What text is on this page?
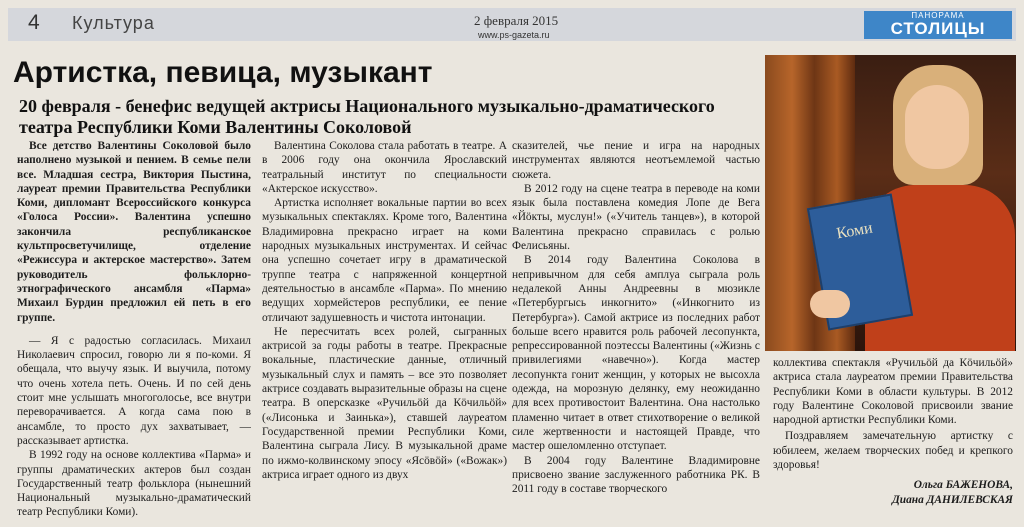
4 Культура	2 февраля 2015
www.ps-gazeta.ru
ПАНОРАМА
СТОЛИЦЫ
Артистка, певица, музыкант
20 февраля - бенефис ведущей актрисы Национального музыкально-драматического театра Республики Коми Валентины Соколовой

Все детство Валентины Соколовой было наполнено музыкой и пением. В семье пели все. Младшая сестра, Виктория Пыстина, лауреат премии Правительства Республики Коми, дипломант Всероссийского конкурса «Голоса России». Валентина успешно закончила республиканское культпросветучилище, отделение «Режиссура и актерское мастерство». Затем руководитель фольклорно-этнографического ансамбля «Парма» Михаил Бурдин предложил ей петь в его группе.

— Я с радостью согласилась. Михаил Николаевич спросил, говорю ли я по-коми. Я обещала, что выучу язык. И выучила, потому что очень хотела петь. Очень. И по сей день стоит мне услышать многоголосье, все внутри переворачивается. А когда сама пою в ансамбле, то просто дух захватывает, — рассказывает артистка.

В 1992 году на основе коллектива «Парма» и группы драматических актеров был создан Государственный театр фольклора (нынешний Национальный музыкально-драматический театр Республики Коми).

Валентина Соколова стала работать в театре. А в 2006 году она окончила Ярославский театральный институт по специальности «Актерское искусство».

Артистка исполняет вокальные партии во всех музыкальных спектаклях. Кроме того, Валентина Владимировна прекрасно играет на коми народных музыкальных инструментах. И сейчас она успешно сочетает игру в драматической труппе театра с напряженной концертной деятельностью в ансамбле «Парма». По мнению ведущих хормейстеров республики, ее пение отличают задушевность и чистота интонации.

Не пересчитать всех ролей, сыгранных актрисой за годы работы в театре. Прекрасные вокальные, пластические данные, отличный музыкальный слух и память – все это позволяет актрисе создавать выразительные образы на сцене театра. В оперсказке «Ручильӧй да Кӧчильӧй» («Лисонька и Заинька»), ставшей лауреатом Государственной премии Республики Коми, Валентина сыграла Лису. В музыкальной драме по ижмо-колвинскому эпосу «Ясӧвӧй» («Вожак») актриса играет одного из двух

сказителей, чье пение и игра на народных инструментах являются неотъемлемой частью сюжета.

В 2012 году на сцене театра в переводе на коми язык была поставлена комедия Лопе де Вега «Йӧкты, муслун!» («Учитель танцев»), в которой Валентина прекрасно справилась с ролью Фелисьяны.

В 2014 году Валентина Соколова в непривычном для себя амплуа сыграла роль недалекой Анны Андреевны в мюзикле «Петербургысь инкогнито» («Инкогнито из Петербурга»). Самой актрисе из последних работ больше всего нравится роль рабочей лесопункта, репрессированной поэтессы Валентины («Жизнь с привилегиями «навечно»). Когда мастер лесопункта гонит женщин, у которых не высохла одежда, на морозную делянку, ему неожиданно для всех противостоит Валентина. Она настолько пламенно читает в ответ стихотворение о великой силе жертвенности и настоящей Правде, что мастер ошеломленно отступает.

В 2004 году Валентине Владимировне присвоено звание заслуженного работника РК. В 2011 году в составе творческого

Коми

коллектива спектакля «Ручильӧй да Кӧчильӧй» актриса стала лауреатом премии Правительства Республики Коми в области культуры. В 2012 году Валентине Соколовой присвоили звание народной артистки Республики Коми.

Поздравляем замечательную артистку с юбилеем, желаем творческих побед и крепкого здоровья!

Ольга БАЖЕНОВА,

Диана ДАНИЛЕВСКАЯ
